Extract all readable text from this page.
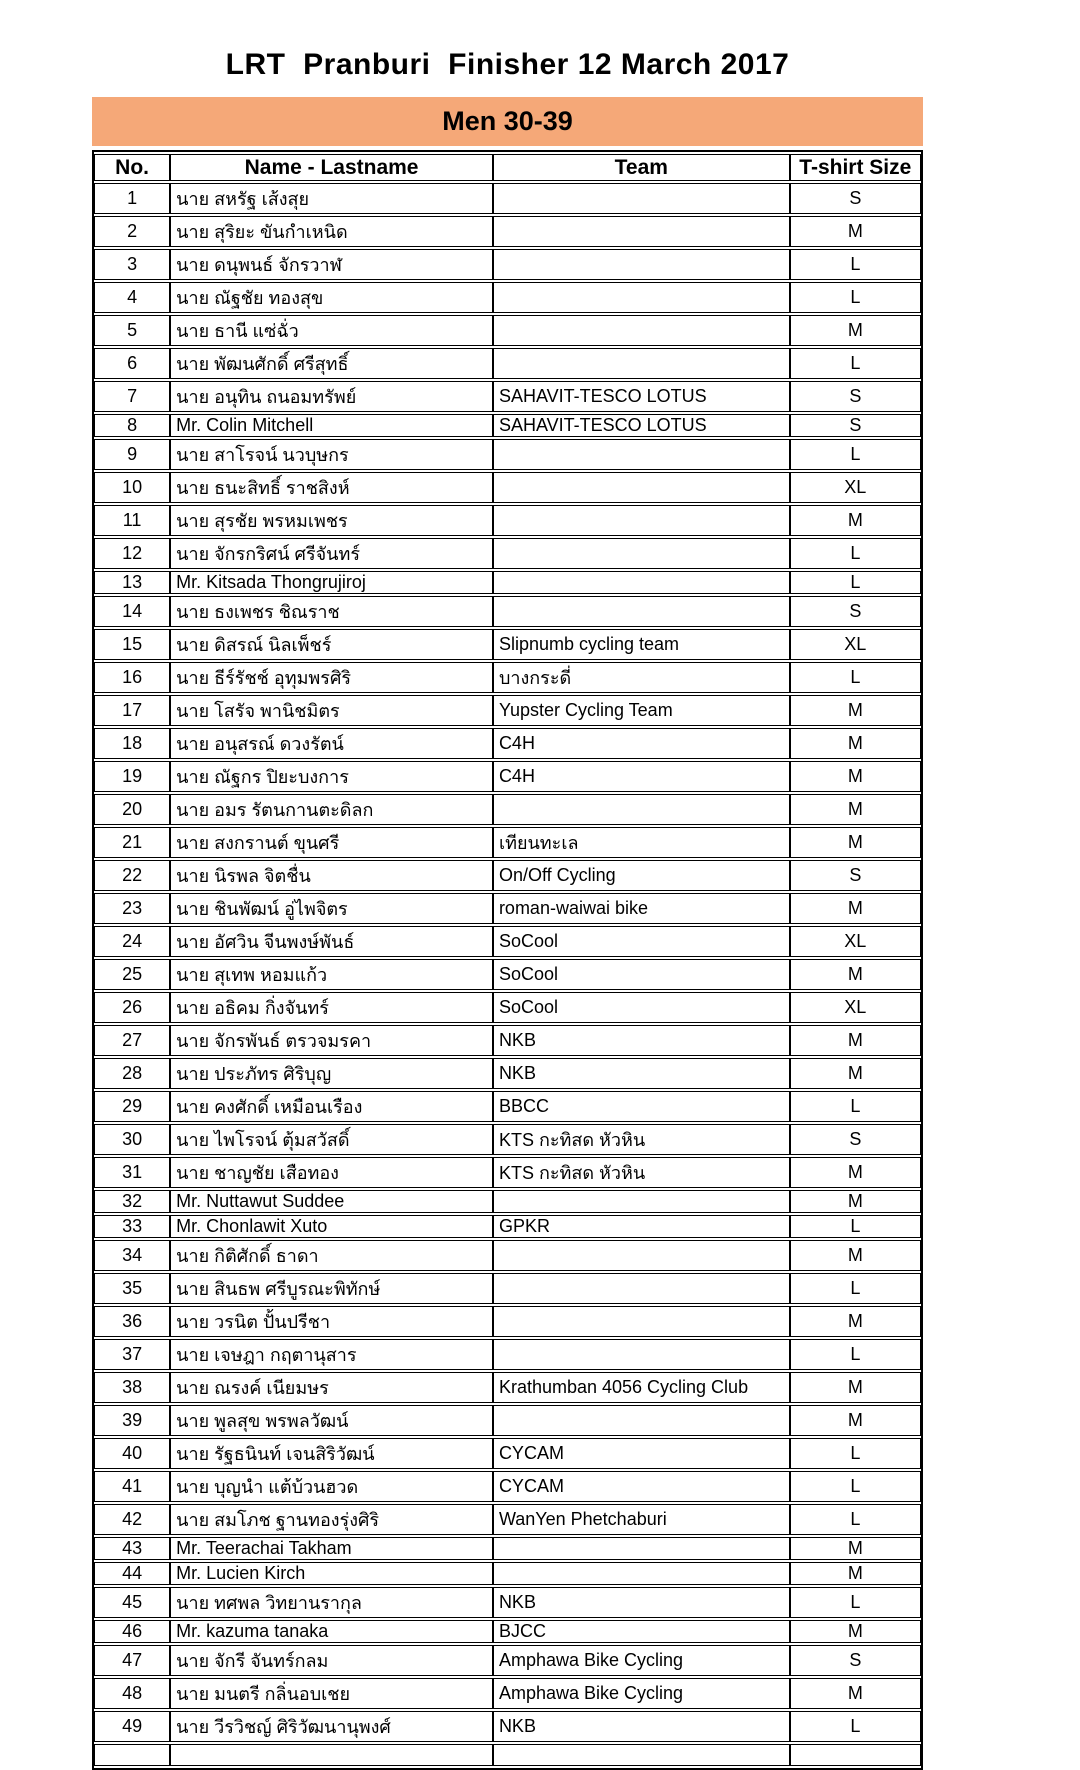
LRT  Pranburi  Finisher 12 March 2017
Men 30-39
No.	Name - Lastname	Team	T-shirt Size
1	นาย สหรัฐ เส้งสุย		S
2	นาย สุริยะ ขันกำเหนิด		M
3	นาย ดนุพนธ์ จักรวาฬ		L
4	นาย ณัฐชัย ทองสุข		L
5	นาย ธานี แซ่ฉั่ว		M
6	นาย พัฒนศักดิ์ ศรีสุทธิ์		L
7	นาย อนุทิน ถนอมทรัพย์	SAHAVIT-TESCO LOTUS	S
8	Mr. Colin Mitchell	SAHAVIT-TESCO LOTUS	S
9	นาย สาโรจน์ นวบุษกร		L
10	นาย ธนะสิทธิ์ ราชสิงห์		XL
11	นาย สุรชัย พรหมเพชร		M
12	นาย จักรกริศน์ ศรีจันทร์		L
13	Mr. Kitsada Thongrujiroj		L
14	นาย ธงเพชร ชิณราช		S
15	นาย ดิสรณ์ นิลเพ็ชร์	Slipnumb cycling team	XL
16	นาย ธีร์รัชช์ อุทุมพรศิริ	บางกระดี่	L
17	นาย โสรัจ พานิชมิตร	Yupster Cycling Team	M
18	นาย อนุสรณ์ ดวงรัตน์	C4H	M
19	นาย ณัฐกร ปิยะบงการ	C4H	M
20	นาย อมร รัตนกานตะดิลก		M
21	นาย สงกรานต์ ขุนศรี	เทียนทะเล	M
22	นาย นิรพล จิตชื่น	On/Off Cycling	S
23	นาย ชินพัฒน์ อู่ไพจิตร	roman-waiwai bike	M
24	นาย อัศวิน จีนพงษ์พันธ์	SoCool	XL
25	นาย สุเทพ หอมแก้ว	SoCool	M
26	นาย อธิคม กิ่งจันทร์	SoCool	XL
27	นาย จักรพันธ์ ตรวจมรคา	NKB	M
28	นาย ประภัทร ศิริบุญ	NKB	M
29	นาย คงศักดิ์ เหมือนเรือง	BBCC	L
30	นาย ไพโรจน์ ตุ้มสวัสดิ์	KTS กะทิสด หัวหิน	S
31	นาย ชาญชัย เสือทอง	KTS กะทิสด หัวหิน	M
32	Mr. Nuttawut Suddee		M
33	Mr. Chonlawit Xuto	GPKR	L
34	นาย กิติศักดิ์ ธาดา		M
35	นาย สินธพ ศรีบูรณะพิทักษ์		L
36	นาย วรนิต ปั้นปรีชา		M
37	นาย เจษฎา กฤตานุสาร		L
38	นาย ณรงค์ เนียมษร	Krathumban 4056 Cycling Club	M
39	นาย พูลสุข พรพลวัฒน์		M
40	นาย รัฐธนินท์ เจนสิริวัฒน์	CYCAM	L
41	นาย บุญนำ แต้บ้วนฮวด	CYCAM	L
42	นาย สมโภช ฐานทองรุ่งศิริ	WanYen Phetchaburi	L
43	Mr. Teerachai Takham		M
44	Mr. Lucien Kirch		M
45	นาย ทศพล วิทยานรากุล	NKB	L
46	Mr. kazuma tanaka	BJCC	M
47	นาย จักรี จันทร์กลม	Amphawa Bike Cycling	S
48	นาย มนตรี กลิ่นอบเชย	Amphawa Bike Cycling	M
49	นาย วีรวิชญ์ ศิริวัฒนานุพงศ์	NKB	L
